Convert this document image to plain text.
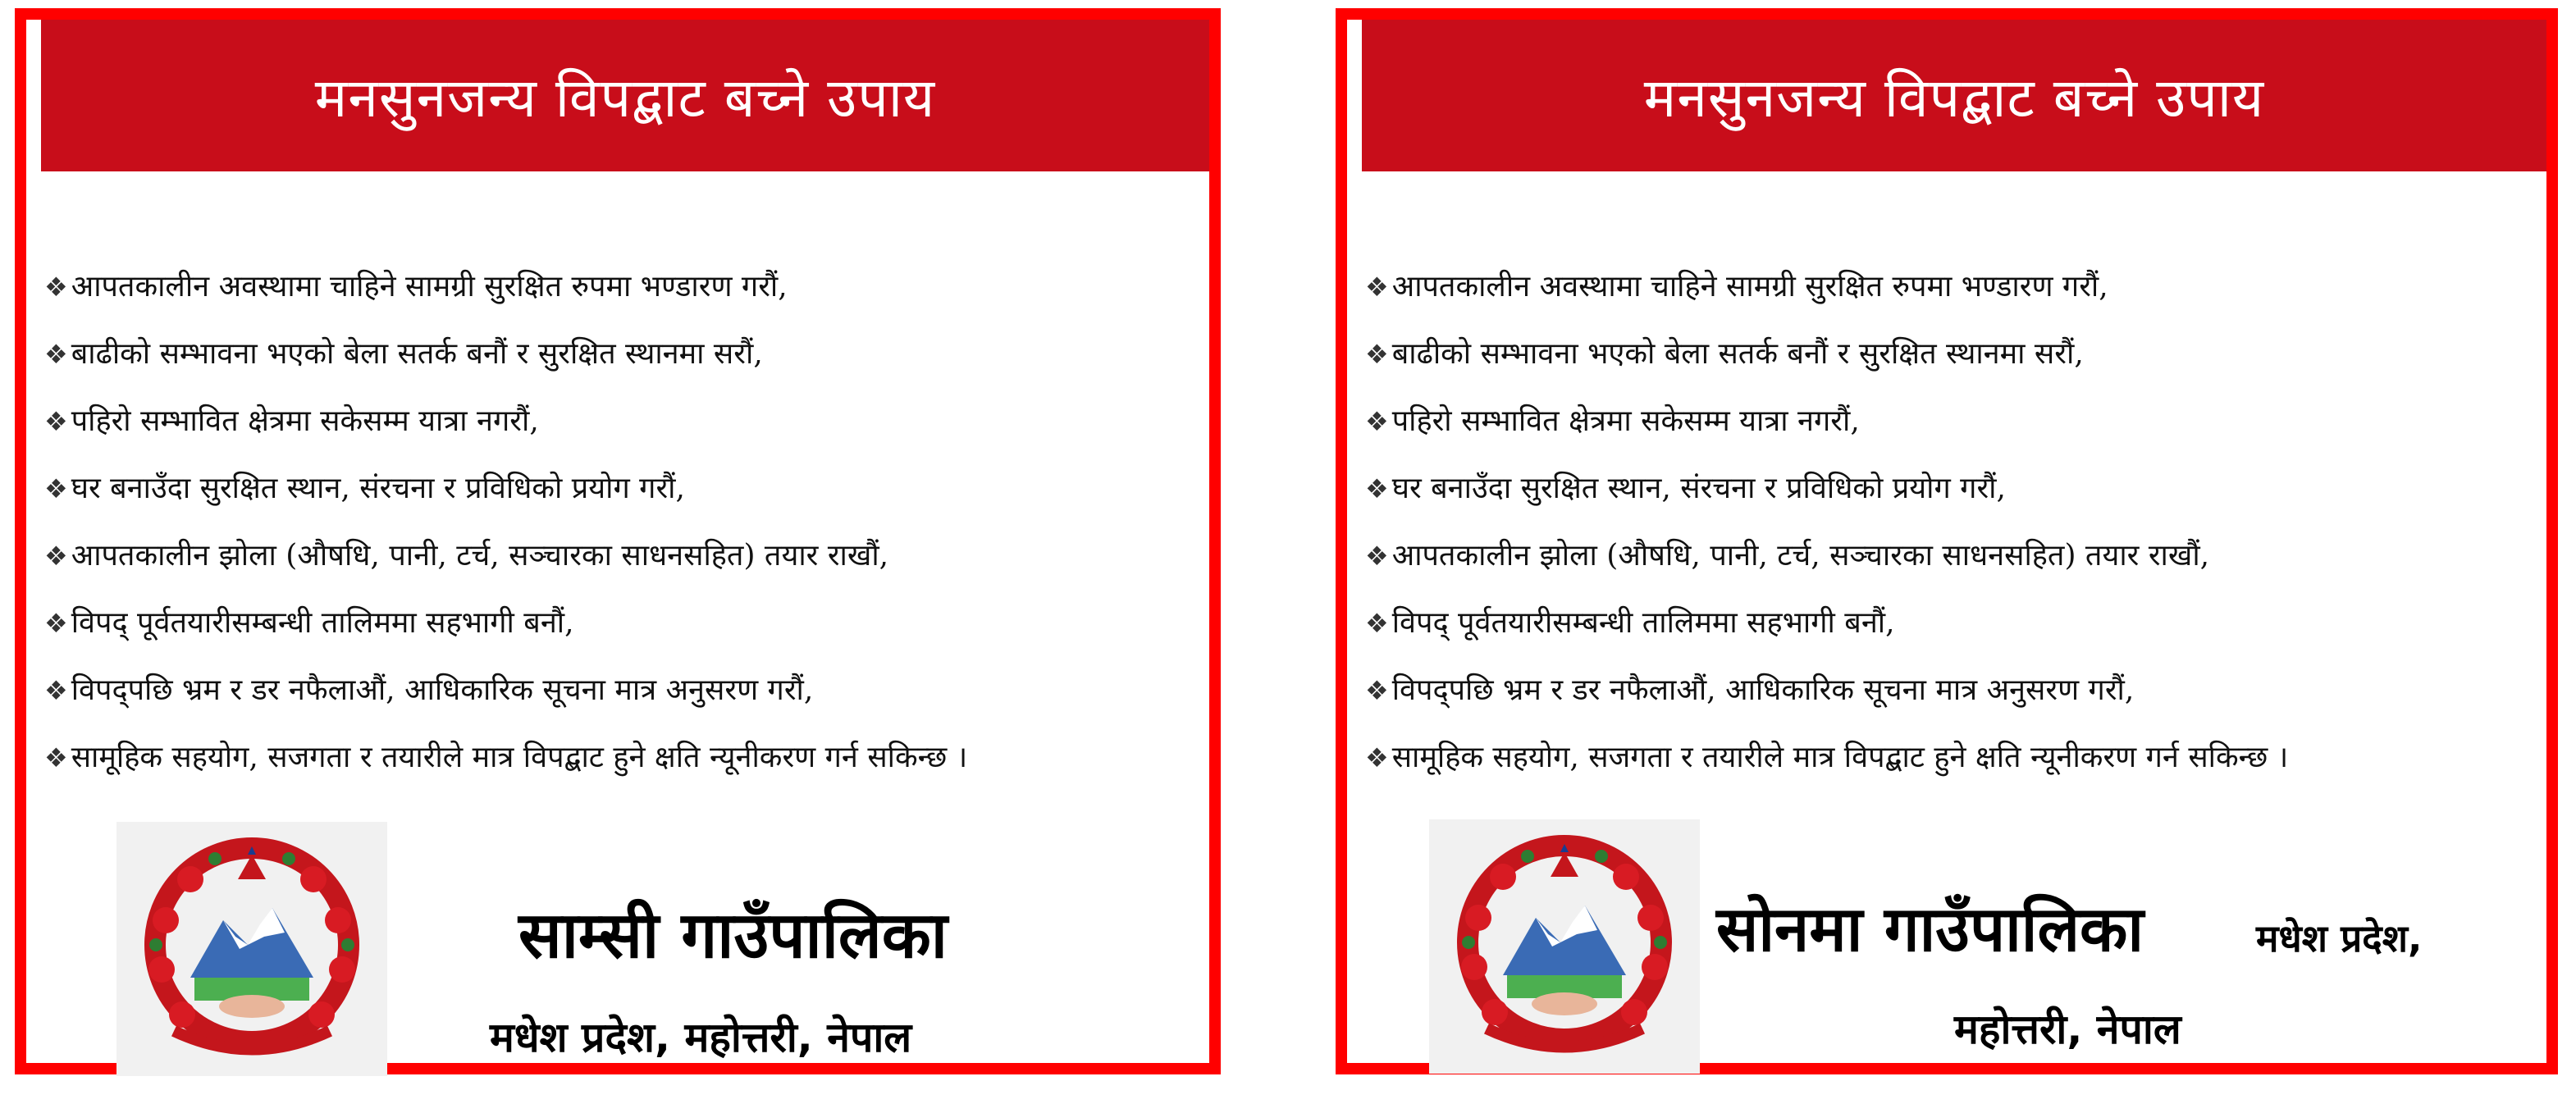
मनसुनजन्य विपद्बाट बच्ने उपाय
❖ आपतकालीन अवस्थामा चाहिने सामग्री सुरक्षित रुपमा भण्डारण गरौं,
❖ बाढीको सम्भावना भएको बेला सतर्क बनौं र सुरक्षित स्थानमा सरौं,
❖ पहिरो सम्भावित क्षेत्रमा सकेसम्म यात्रा नगरौं,
❖ घर बनाउँदा सुरक्षित स्थान, संरचना र प्रविधिको प्रयोग गरौं,
❖ आपतकालीन झोला (औषधि, पानी, टर्च, सञ्चारका साधनसहित) तयार राखौं,
❖ विपद् पूर्वतयारीसम्बन्धी तालिममा सहभागी बनौं,
❖ विपद्पछि भ्रम र डर नफैलाऔं, आधिकारिक सूचना मात्र अनुसरण गरौं,
❖ सामूहिक सहयोग, सजगता र तयारीले मात्र विपद्बाट हुने क्षति न्यूनीकरण गर्न सकिन्छ ।
साम्सी गाउँपालिका
मधेश प्रदेश, महोत्तरी, नेपाल
मनसुनजन्य विपद्बाट बच्ने उपाय
❖ आपतकालीन अवस्थामा चाहिने सामग्री सुरक्षित रुपमा भण्डारण गरौं,
❖ बाढीको सम्भावना भएको बेला सतर्क बनौं र सुरक्षित स्थानमा सरौं,
❖ पहिरो सम्भावित क्षेत्रमा सकेसम्म यात्रा नगरौं,
❖ घर बनाउँदा सुरक्षित स्थान, संरचना र प्रविधिको प्रयोग गरौं,
❖ आपतकालीन झोला (औषधि, पानी, टर्च, सञ्चारका साधनसहित) तयार राखौं,
❖ विपद् पूर्वतयारीसम्बन्धी तालिममा सहभागी बनौं,
❖ विपद्पछि भ्रम र डर नफैलाऔं, आधिकारिक सूचना मात्र अनुसरण गरौं,
❖ सामूहिक सहयोग, सजगता र तयारीले मात्र विपद्बाट हुने क्षति न्यूनीकरण गर्न सकिन्छ ।
सोनमा गाउँपालिका	मधेश प्रदेश,
महोत्तरी, नेपाल
